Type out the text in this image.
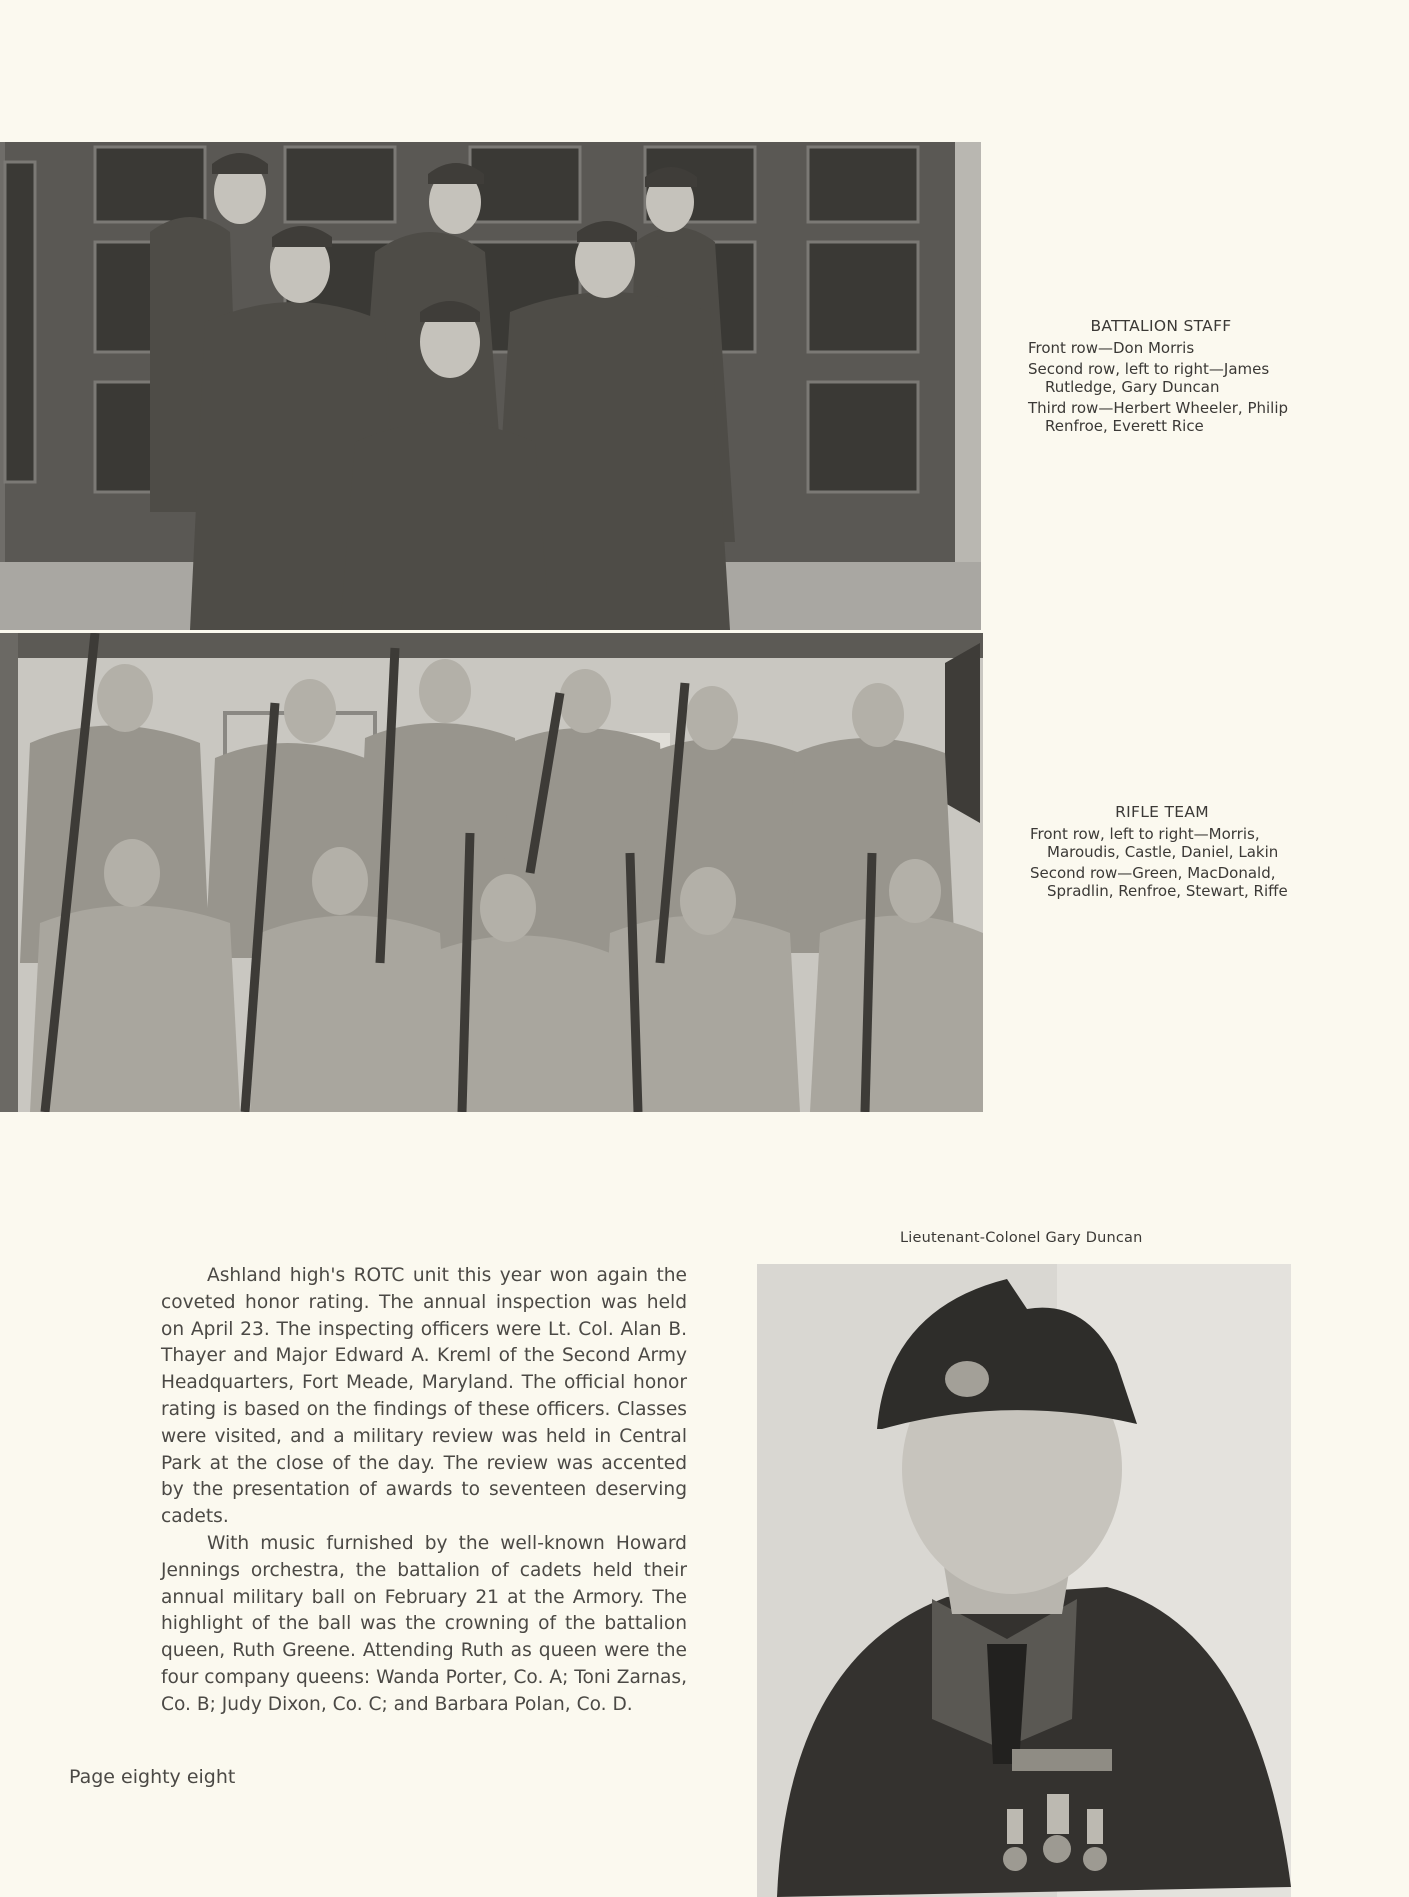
BATTALION STAFF
Front row—Don Morris
Second row, left to right—James Rutledge, Gary Duncan
Third row—Herbert Wheeler, Philip Renfroe, Everett Rice
RIFLE TEAM
Front row, left to right—Morris, Maroudis, Castle, Daniel, Lakin
Second row—Green, MacDonald, Spradlin, Renfroe, Stewart, Riffe
Lieutenant-Colonel Gary Duncan

Ashland high's ROTC unit this year won again the coveted honor rating. The annual inspection was held on April 23. The inspecting officers were Lt. Col. Alan B. Thayer and Major Edward A. Kreml of the Second Army Headquarters, Fort Meade, Maryland. The official honor rating is based on the findings of these officers. Classes were visited, and a military review was held in Central Park at the close of the day. The review was accented by the presentation of awards to seventeen deserving cadets.

With music furnished by the well-known Howard Jennings orchestra, the battalion of cadets held their annual military ball on February 21 at the Armory. The highlight of the ball was the crowning of the battalion queen, Ruth Greene. Attending Ruth as queen were the four company queens: Wanda Porter, Co. A; Toni Zarnas, Co. B; Judy Dixon, Co. C; and Barbara Polan, Co. D.

Page eighty eight
